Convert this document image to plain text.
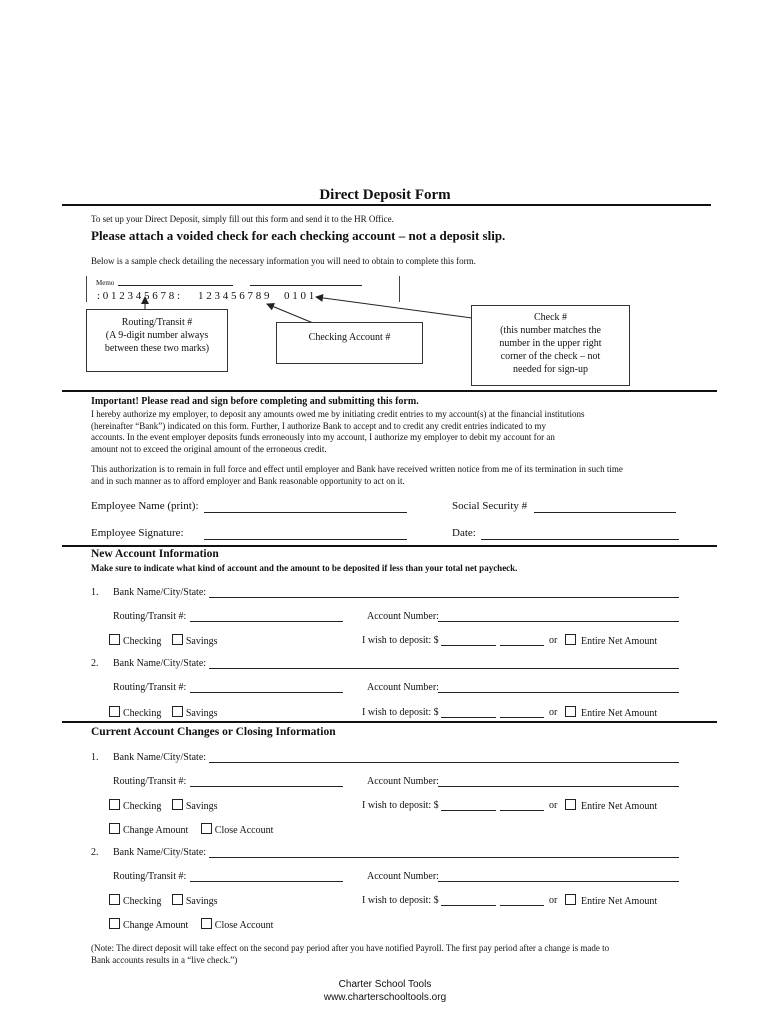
Direct Deposit Form
To set up your Direct Deposit, simply fill out this form and send it to the HR Office.
Please attach a voided check for each checking account – not a deposit slip.
Below is a sample check detailing the necessary information you will need to obtain to complete this form.
Memo
: 0 1 2 3 4 5 6 7 8 : 1 2 3 4 5 6 7 8 9 0 1 0 1
Routing/Transit #
(A 9-digit number always
between these two marks)
Checking Account #
Check #
(this number matches the
number in the upper right
corner of the check – not
needed for sign-up
Important! Please read and sign before completing and submitting this form.
I hereby authorize my employer, to deposit any amounts owed me by initiating credit entries to my account(s) at the financial institutions
(hereinafter “Bank”) indicated on this form. Further, I authorize Bank to accept and to credit any credit entries indicated to my
accounts. In the event employer deposits funds erroneously into my account, I authorize my employer to debit my account for an
amount not to exceed the original amount of the erroneous credit.
This authorization is to remain in full force and effect until employer and Bank have received written notice from me of its termination in such time
and in such manner as to afford employer and Bank reasonable opportunity to act on it.
Employee Name (print):	Social Security #
Employee Signature:	Date:
New Account Information
Make sure to indicate what kind of account and the amount to be deposited if less than your total net paycheck.
1. Bank Name/City/State:
Routing/Transit #:	Account Number:
Checking Savings	I wish to deposit: $	or	Entire Net Amount
2. Bank Name/City/State:
Routing/Transit #:	Account Number:
Checking Savings	I wish to deposit: $	or	Entire Net Amount
Current Account Changes or Closing Information
1. Bank Name/City/State:
Routing/Transit #:	Account Number:
Checking Savings	I wish to deposit: $	or	Entire Net Amount
Change Amount	Close Account
2. Bank Name/City/State:
Routing/Transit #:	Account Number:
Checking Savings	I wish to deposit: $	or	Entire Net Amount
Change Amount	Close Account
(Note: The direct deposit will take effect on the second pay period after you have notified Payroll. The first pay period after a change is made to
Bank accounts results in a “live check.”)
Charter School Tools
www.charterschooltools.org
